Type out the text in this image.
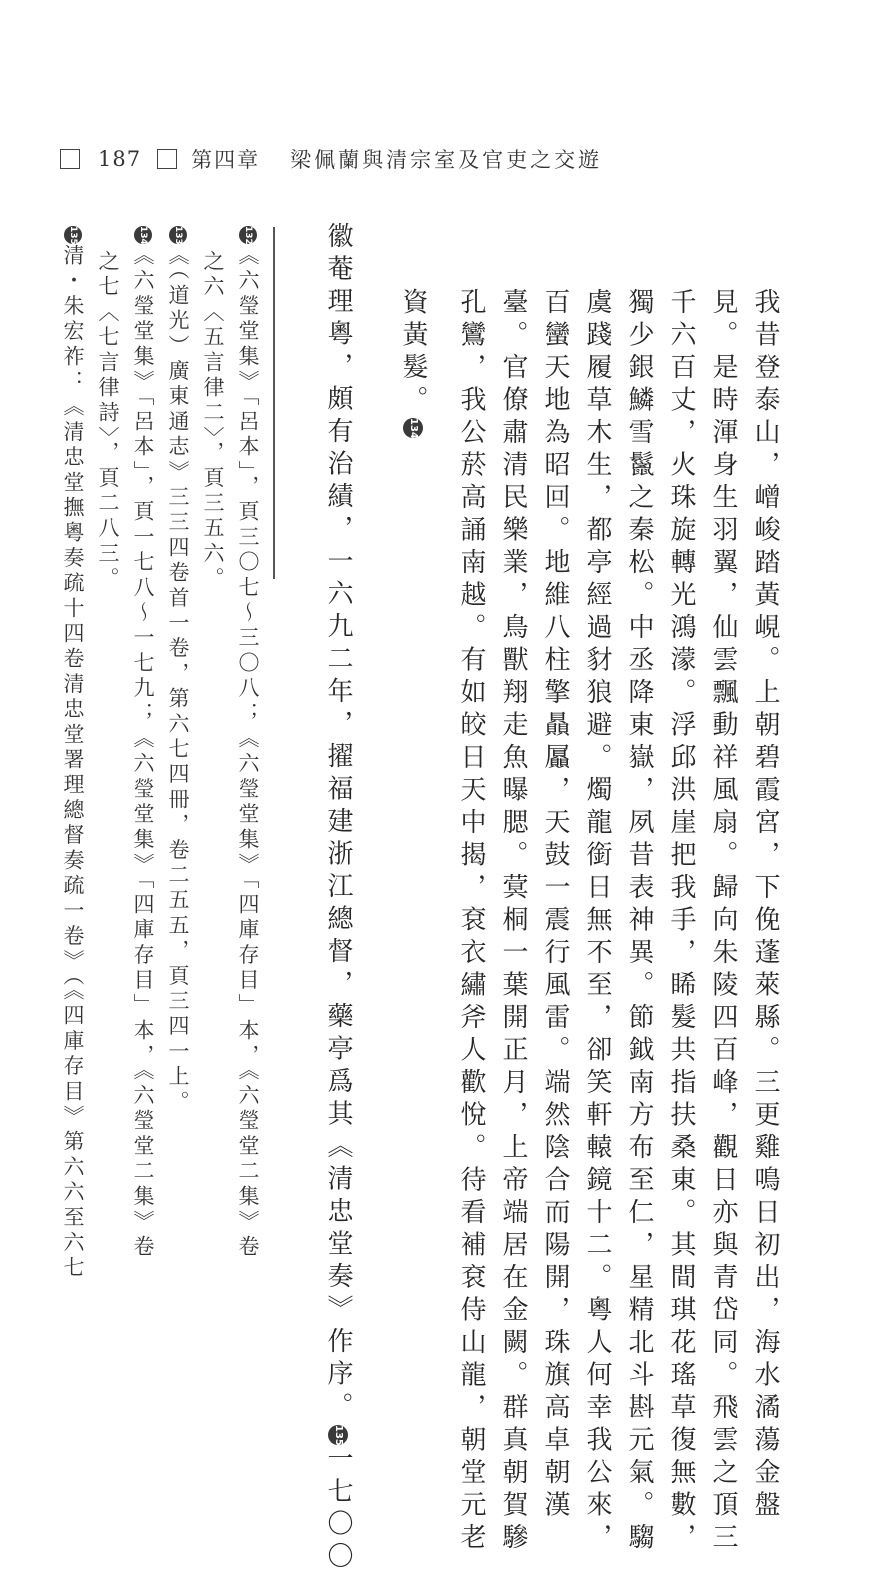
187 第四章 梁佩蘭與清宗室及官吏之交遊
我昔登泰山，嶒峻踏黃峴。上朝碧霞宮，下俛蓬萊縣。三更雞鳴日初出，海水潏蕩金盤
見。是時渾身生羽翼，仙雲飄動祥風扇。歸向朱陵四百峰，觀日亦與青岱同。飛雲之頂三
千六百丈，火珠旋轉光鴻濛。浮邱洪崖把我手，睎髮共指扶桑東。其間琪花瑤草復無數，
獨少銀鱗雪鬣之秦松。中丞降東嶽，夙昔表神異。節鉞南方布至仁，星精北斗斟元氣。騶
虞踐履草木生，都亭經過豺狼避。燭龍銜日無不至，卻笑軒轅鏡十二。粵人何幸我公來，
百蠻天地為昭回。地維八柱擎贔屭，天鼓一震行風雷。端然陰合而陽開，珠旗高卓朝漢
臺。官僚肅清民樂業，鳥獸翔走魚曝腮。蓂桐一葉開正月，上帝端居在金闕。群真朝賀驂
孔鸞，我公菸高誦南越。有如皎日天中揭，袞衣繡斧人歡悅。待看補袞侍山龍，朝堂元老
資黃髮。134
徽菴理粵，頗有治績，一六九二年，擢福建浙江總督，藥亭爲其《清忠堂奏》作序。135一七〇〇
132《六瑩堂集》「呂本」，頁三〇七～三〇八；《六瑩堂集》「四庫存目」本，《六瑩堂二集》卷
之六〈五言律二〉，頁三五六。
133《（道光）廣東通志》三三四卷首一卷，第六七四冊，卷二五五，頁三四一上。
134《六瑩堂集》「呂本」，頁一七八～一七九；《六瑩堂集》「四庫存目」本，《六瑩堂二集》卷
之七〈七言律詩〉，頁二八三。
135清・朱宏祚：《清忠堂撫粵奏疏十四卷清忠堂署理總督奏疏一卷》（《四庫存目》第六六至六七
